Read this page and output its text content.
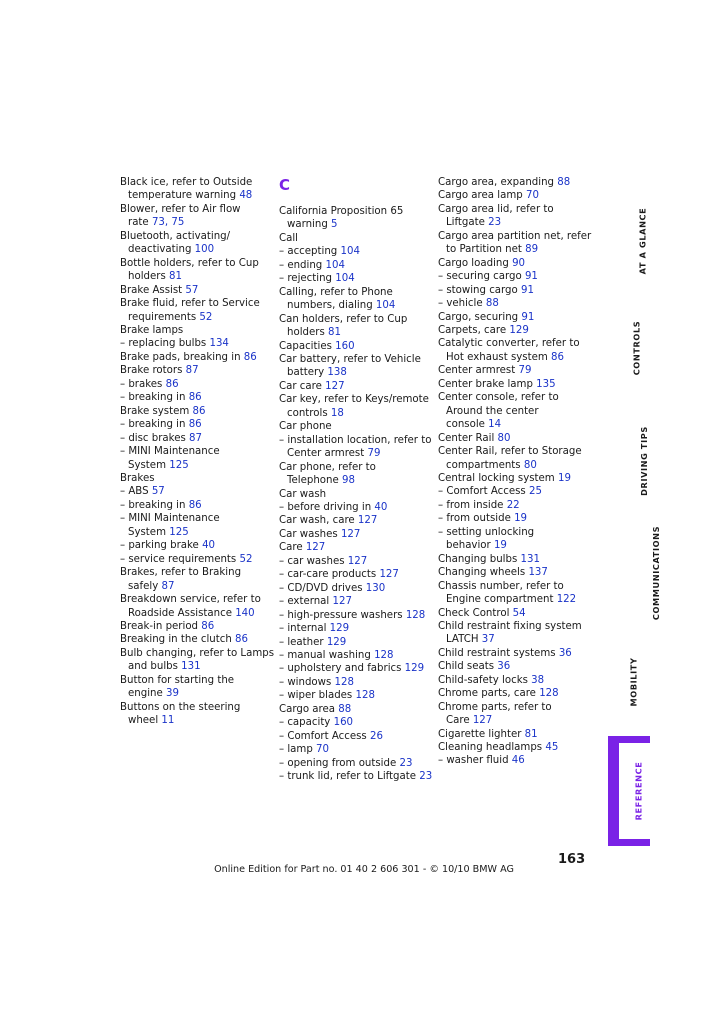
Black ice, refer to Outside
temperature warning 48
Blower, refer to Air flow
rate 73, 75
Bluetooth, activating/
deactivating 100
Bottle holders, refer to Cup
holders 81
Brake Assist 57
Brake fluid, refer to Service
requirements 52
Brake lamps
– replacing bulbs 134
Brake pads, breaking in 86
Brake rotors 87
– brakes 86
– breaking in 86
Brake system 86
– breaking in 86
– disc brakes 87
– MINI Maintenance
System 125
Brakes
– ABS 57
– breaking in 86
– MINI Maintenance
System 125
– parking brake 40
– service requirements 52
Brakes, refer to Braking
safely 87
Breakdown service, refer to
Roadside Assistance 140
Break-in period 86
Breaking in the clutch 86
Bulb changing, refer to Lamps
and bulbs 131
Button for starting the
engine 39
Buttons on the steering
wheel 11
C
California Proposition 65
warning 5
Call
– accepting 104
– ending 104
– rejecting 104
Calling, refer to Phone
numbers, dialing 104
Can holders, refer to Cup
holders 81
Capacities 160
Car battery, refer to Vehicle
battery 138
Car care 127
Car key, refer to Keys/remote
controls 18
Car phone
– installation location, refer to
Center armrest 79
Car phone, refer to
Telephone 98
Car wash
– before driving in 40
Car wash, care 127
Car washes 127
Care 127
– car washes 127
– car-care products 127
– CD/DVD drives 130
– external 127
– high-pressure washers 128
– internal 129
– leather 129
– manual washing 128
– upholstery and fabrics 129
– windows 128
– wiper blades 128
Cargo area 88
– capacity 160
– Comfort Access 26
– lamp 70
– opening from outside 23
– trunk lid, refer to Liftgate 23
Cargo area, expanding 88
Cargo area lamp 70
Cargo area lid, refer to
Liftgate 23
Cargo area partition net, refer
to Partition net 89
Cargo loading 90
– securing cargo 91
– stowing cargo 91
– vehicle 88
Cargo, securing 91
Carpets, care 129
Catalytic converter, refer to
Hot exhaust system 86
Center armrest 79
Center brake lamp 135
Center console, refer to
Around the center
console 14
Center Rail 80
Center Rail, refer to Storage
compartments 80
Central locking system 19
– Comfort Access 25
– from inside 22
– from outside 19
– setting unlocking
behavior 19
Changing bulbs 131
Changing wheels 137
Chassis number, refer to
Engine compartment 122
Check Control 54
Child restraint fixing system
LATCH 37
Child restraint systems 36
Child seats 36
Child-safety locks 38
Chrome parts, care 128
Chrome parts, refer to
Care 127
Cigarette lighter 81
Cleaning headlamps 45
– washer fluid 46
AT A GLANCE
CONTROLS
DRIVING TIPS
COMMUNICATIONS
MOBILITY
REFERENCE
163
Online Edition for Part no. 01 40 2 606 301 - © 10/10 BMW AG
